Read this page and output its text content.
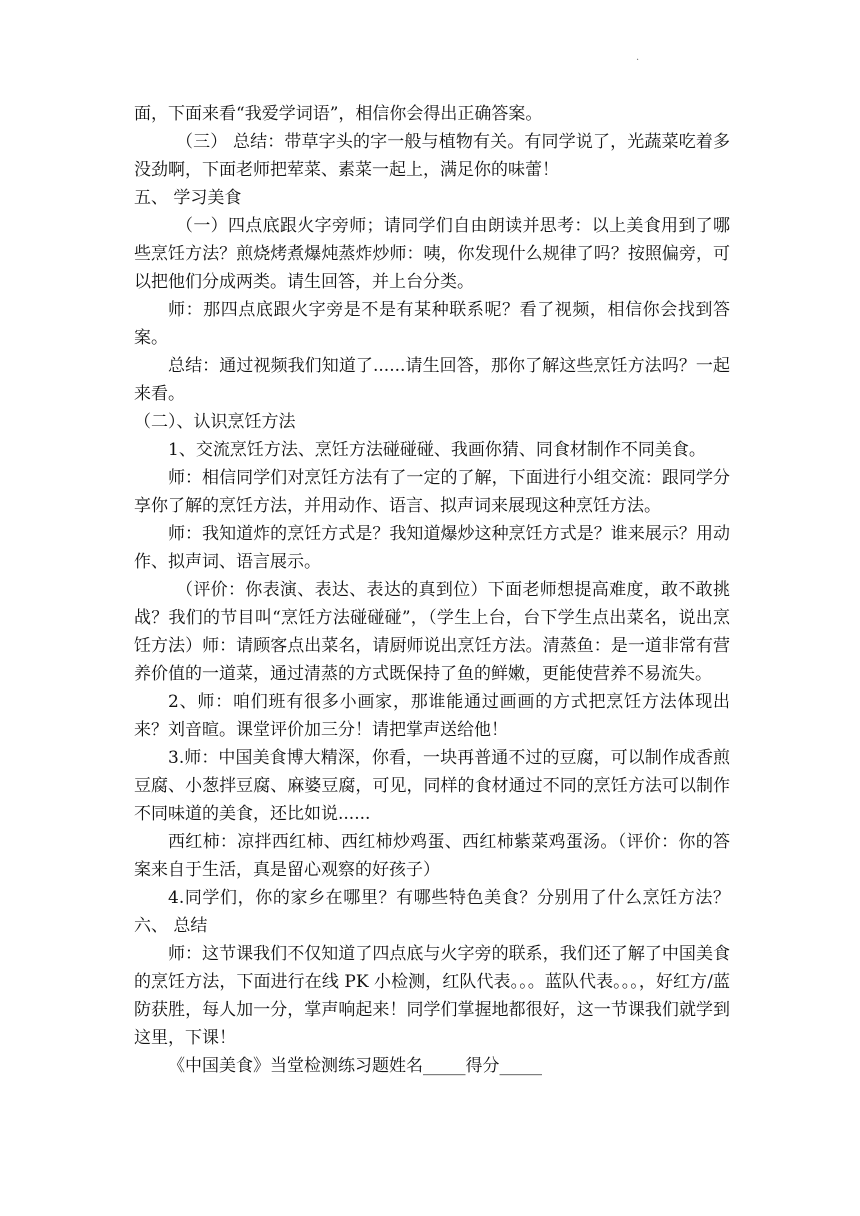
·

面，下面来看“我爱学词语”，相信你会得出正确答案。

（三） 总结：带草字头的字一般与植物有关。有同学说了，光蔬菜吃着多没劲啊，下面老师把荤菜、素菜一起上，满足你的味蕾！

五、 学习美食

（一）四点底跟火字旁师；请同学们自由朗读并思考：以上美食用到了哪些烹饪方法？煎烧烤煮爆炖蒸炸炒师：咦，你发现什么规律了吗？按照偏旁，可以把他们分成两类。请生回答，并上台分类。

师：那四点底跟火字旁是不是有某种联系呢？看了视频，相信你会找到答案。

总结：通过视频我们知道了......请生回答，那你了解这些烹饪方法吗？一起来看。

（二）、认识烹饪方法

1、交流烹饪方法、烹饪方法碰碰碰、我画你猜、同食材制作不同美食。

师：相信同学们对烹饪方法有了一定的了解，下面进行小组交流：跟同学分享你了解的烹饪方法，并用动作、语言、拟声词来展现这种烹饪方法。

师：我知道炸的烹饪方式是？我知道爆炒这种烹饪方式是？谁来展示？用动作、拟声词、语言展示。

（评价：你表演、表达、表达的真到位）下面老师想提高难度，敢不敢挑战？我们的节目叫“烹饪方法碰碰碰”，（学生上台，台下学生点出菜名，说出烹饪方法）师：请顾客点出菜名，请厨师说出烹饪方法。清蒸鱼：是一道非常有营养价值的一道菜，通过清蒸的方式既保持了鱼的鲜嫩，更能使营养不易流失。

2、师：咱们班有很多小画家，那谁能通过画画的方式把烹饪方法体现出来？刘音暄。课堂评价加三分！请把掌声送给他！

3.师：中国美食博大精深，你看，一块再普通不过的豆腐，可以制作成香煎豆腐、小葱拌豆腐、麻婆豆腐，可见，同样的食材通过不同的烹饪方法可以制作不同味道的美食，还比如说......

西红柿：凉拌西红柿、西红柿炒鸡蛋、西红柿紫菜鸡蛋汤。（评价：你的答案来自于生活，真是留心观察的好孩子）

4.同学们，你的家乡在哪里？有哪些特色美食？分别用了什么烹饪方法？六、 总结

师：这节课我们不仅知道了四点底与火字旁的联系，我们还了解了中国美食的烹饪方法，下面进行在线 PK 小检测，红队代表。。。蓝队代表。。。，好红方/蓝防获胜，每人加一分，掌声响起来！同学们掌握地都很好，这一节课我们就学到这里，下课！

《中国美食》当堂检测练习题姓名_____得分_____
